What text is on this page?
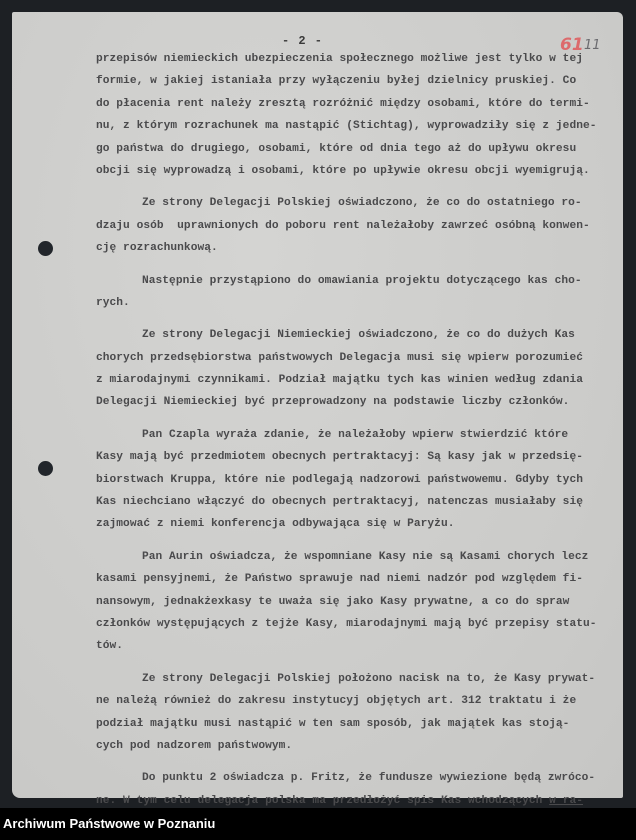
- 2 -	61 11
przepisów niemieckich ubezpieczenia społecznego możliwe jest tylko w tej
formie, w jakiej istaniała przy wyłączeniu byłej dzielnicy pruskiej. Co
do płacenia rent należy zresztą rozróżnić między osobami, które do termi-
nu, z którym rozrachunek ma nastąpić (Stichtag), wyprowadziły się z jedne-
go państwa do drugiego, osobami, które od dnia tego aż do upływu okresu
obcji się wyprowadzą i osobami, które po upływie okresu obcji wyemigrują.
Ze strony Delegacji Polskiej oświadczono, że co do ostatniego ro-
dzaju osób  uprawnionych do poboru rent należałoby zawrzeć osóbną konwen-
cję rozrachunkową.
Następnie przystąpiono do omawiania projektu dotyczącego kas cho-
rych.
Ze strony Delegacji Niemieckiej oświadczono, że co do dużych Kas
chorych przedsębiorstwa państwowych Delegacja musi się wpierw porozumieć
z miarodajnymi czynnikami. Podział majątku tych kas winien według zdania
Delegacji Niemieckiej być przeprowadzony na podstawie liczby członków.
Pan Czapla wyraża zdanie, że należałoby wpierw stwierdzić które
Kasy mają być przedmiotem obecnych pertraktacyj: Są kasy jak w przedsię-
biorstwach Kruppa, które nie podlegają nadzorowi państwowemu. Gdyby tych
Kas niechciano włączyć do obecnych pertraktacyj, natenczas musiałaby się
zajmować z niemi konferencja odbywająca się w Paryżu.
Pan Aurin oświadcza, że wspomniane Kasy nie są Kasami chorych lecz
kasami pensyjnemi, że Państwo sprawuje nad niemi nadzór pod względem fi-
nansowym, jednakżexkasy te uważa się jako Kasy prywatne, a co do spraw
członków występujących z tejże Kasy, miarodajnymi mają być przepisy statu-
tów.
Ze strony Delegacji Polskiej położono nacisk na to, że Kasy prywat-
ne należą również do zakresu instytucyj objętych art. 312 traktatu i że
podział majątku musi nastąpić w ten sam sposób, jak majątek kas stoją-
cych pod nadzorem państwowym.
Do punktu 2 oświadcza p. Fritz, że fundusze wywiezione będą zwróco-
ne. W tym celu delegacja polska ma przedłożyć spis Kas wchodzących w ra-
Archiwum Państwowe w Poznaniu
